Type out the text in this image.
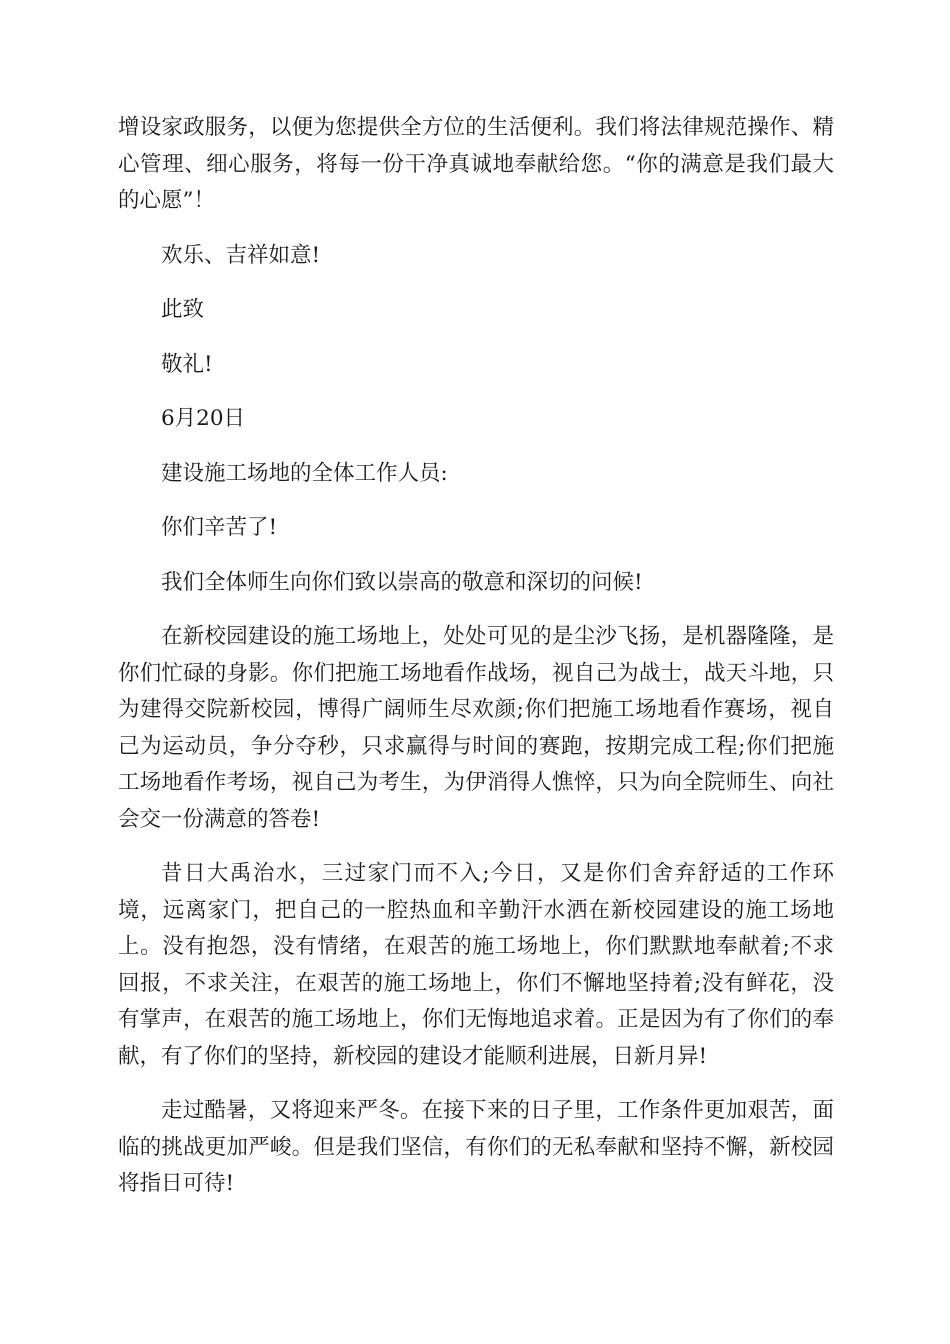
增设家政服务，以便为您提供全方位的生活便利。我们将法律规范操作、精心管理、细心服务，将每一份干净真诚地奉献给您。“你的满意是我们最大的心愿”！

欢乐、吉祥如意!

此致

敬礼!

6月20日

建设施工场地的全体工作人员:

你们辛苦了!

我们全体师生向你们致以崇高的敬意和深切的问候!

在新校园建设的施工场地上，处处可见的是尘沙飞扬，是机器隆隆，是你们忙碌的身影。你们把施工场地看作战场，视自己为战士，战天斗地，只为建得交院新校园，博得广阔师生尽欢颜;你们把施工场地看作赛场，视自己为运动员，争分夺秒，只求赢得与时间的赛跑，按期完成工程;你们把施工场地看作考场，视自己为考生，为伊消得人憔悴，只为向全院师生、向社会交一份满意的答卷!

昔日大禹治水，三过家门而不入;今日，又是你们舍弃舒适的工作环境，远离家门，把自己的一腔热血和辛勤汗水洒在新校园建设的施工场地上。没有抱怨，没有情绪，在艰苦的施工场地上，你们默默地奉献着;不求回报，不求关注，在艰苦的施工场地上，你们不懈地坚持着;没有鲜花，没有掌声，在艰苦的施工场地上，你们无悔地追求着。正是因为有了你们的奉献，有了你们的坚持，新校园的建设才能顺利进展，日新月异!

走过酷暑，又将迎来严冬。在接下来的日子里，工作条件更加艰苦，面临的挑战更加严峻。但是我们坚信，有你们的无私奉献和坚持不懈，新校园将指日可待!
